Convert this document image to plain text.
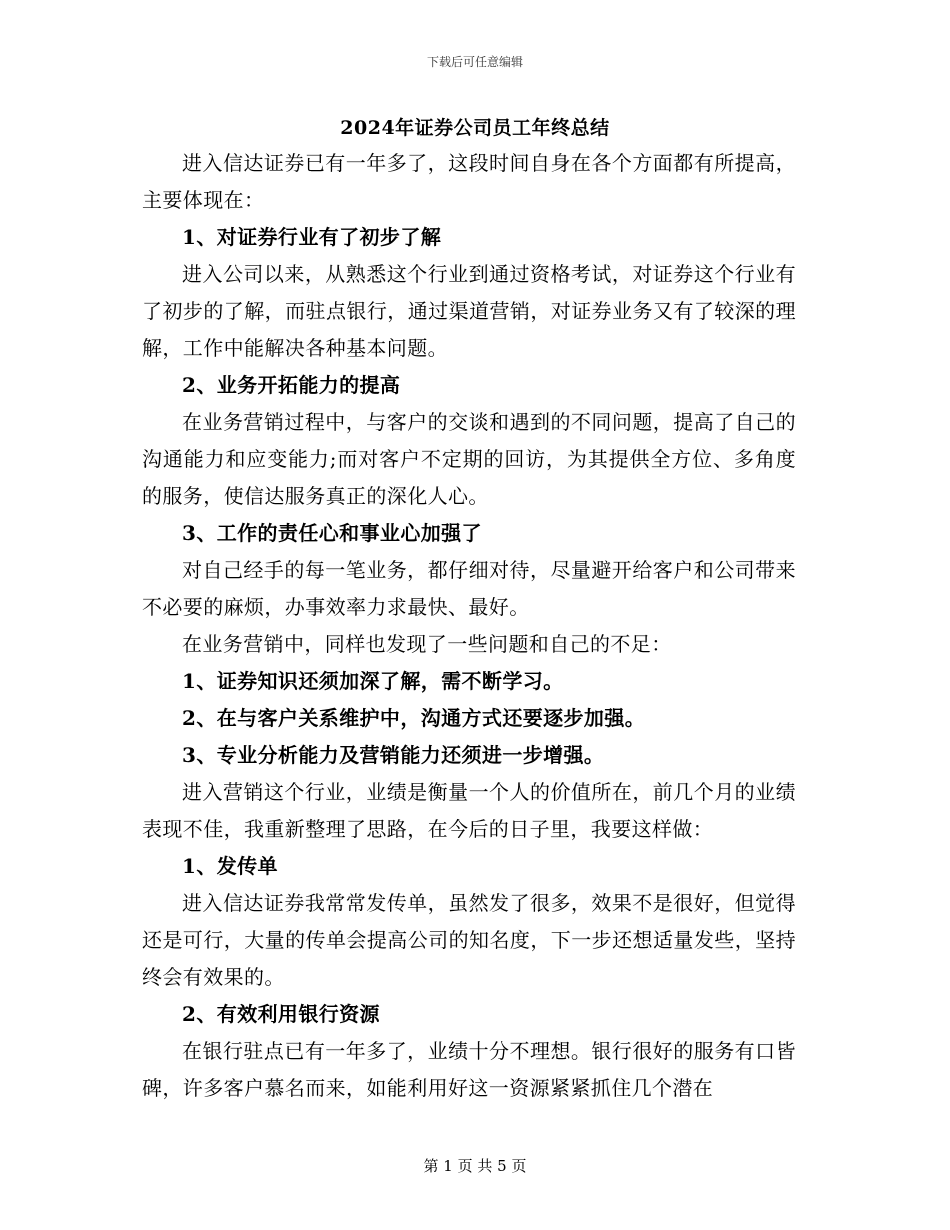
下载后可任意编辑
2024年证券公司员工年终总结

进入信达证券已有一年多了，这段时间自身在各个方面都有所提高，主要体现在：

1、对证券行业有了初步了解

进入公司以来，从熟悉这个行业到通过资格考试，对证券这个行业有了初步的了解，而驻点银行，通过渠道营销，对证券业务又有了较深的理解，工作中能解决各种基本问题。

2、业务开拓能力的提高

在业务营销过程中，与客户的交谈和遇到的不同问题，提高了自己的沟通能力和应变能力;而对客户不定期的回访，为其提供全方位、多角度的服务，使信达服务真正的深化人心。

3、工作的责任心和事业心加强了

对自己经手的每一笔业务，都仔细对待，尽量避开给客户和公司带来不必要的麻烦，办事效率力求最快、最好。

在业务营销中，同样也发现了一些问题和自己的不足：

1、证券知识还须加深了解，需不断学习。

2、在与客户关系维护中，沟通方式还要逐步加强。

3、专业分析能力及营销能力还须进一步增强。

进入营销这个行业，业绩是衡量一个人的价值所在，前几个月的业绩表现不佳，我重新整理了思路，在今后的日子里，我要这样做：

1、发传单

进入信达证券我常常发传单，虽然发了很多，效果不是很好，但觉得还是可行，大量的传单会提高公司的知名度，下一步还想适量发些，坚持终会有效果的。

2、有效利用银行资源

在银行驻点已有一年多了，业绩十分不理想。银行很好的服务有口皆碑，许多客户慕名而来，如能利用好这一资源紧紧抓住几个潜在

第 1 页 共 5 页
